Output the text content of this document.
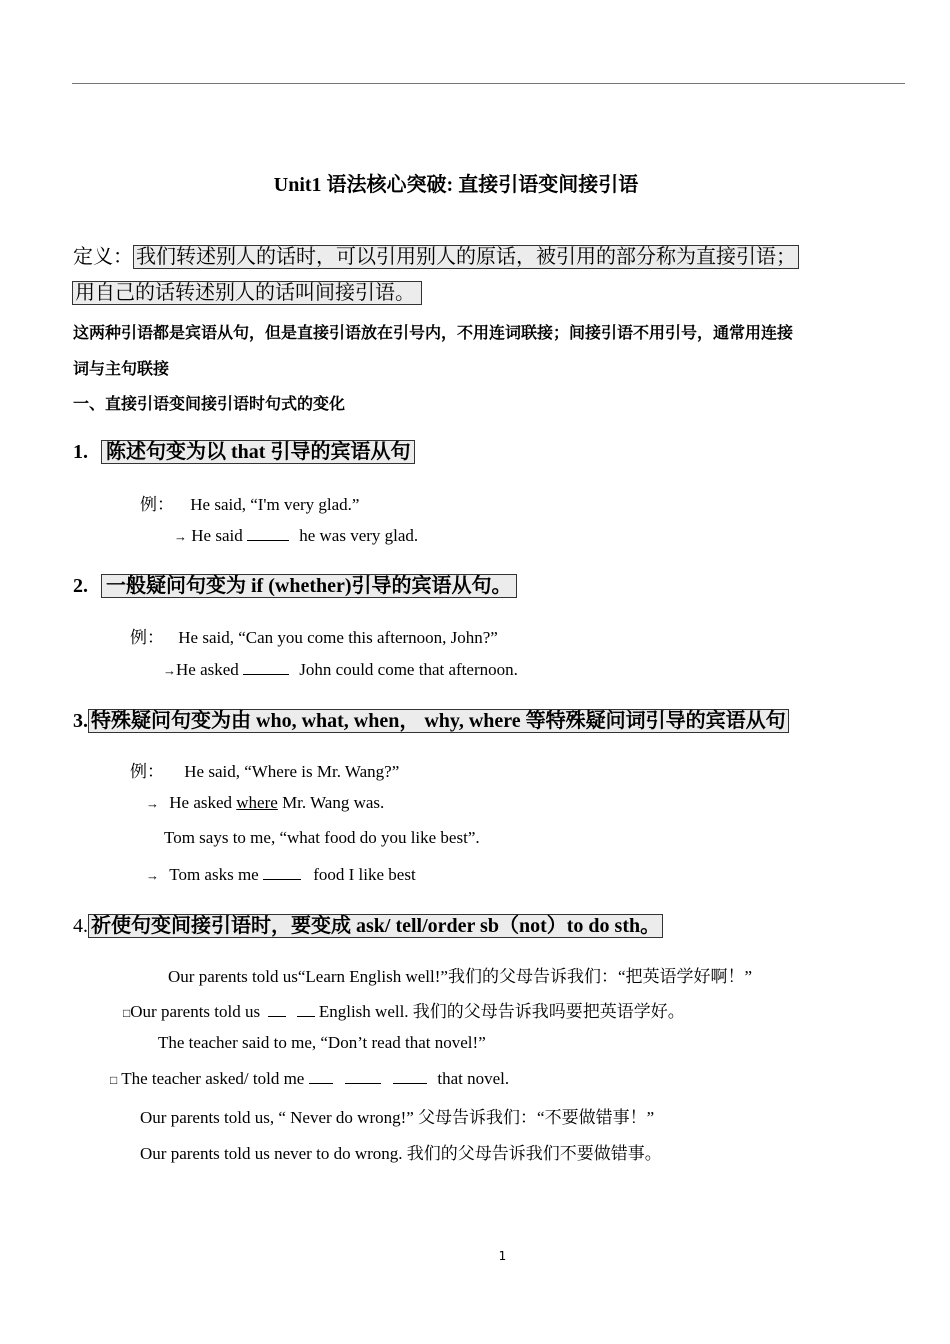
Unit1 语法核心突破: 直接引语变间接引语
定义： 我们转述别人的话时，可以引用别人的原话，被引用的部分称为直接引语；
用自己的话转述别人的话叫间接引语。
这两种引语都是宾语从句，但是直接引语放在引号内，不用连词联接；间接引语不用引号，通常用连接
词与主句联接
一、直接引语变间接引语时句式的变化
1. 陈述句变为以 that 引导的宾语从句
例： He said, “I'm very glad.”
→ He said	he was very glad.
2. 一般疑问句变为 if (whether)引导的宾语从句。
例： He said, “Can you come this afternoon, John?”
→He asked	John could come that afternoon.
3. 特殊疑问句变为由 who, what, when， why, where 等特殊疑问词引导的宾语从句
例： He said, “Where is Mr. Wang?”
→ He asked where Mr. Wang was.
Tom says to me, “what food do you like best”.
→ Tom asks me	food I like best
4. 祈使句变间接引语时，要变成 ask/ tell/order sb（not）to do sth。
Our parents told us“Learn English well!”我们的父母告诉我们：“把英语学好啊！”
□Our parents told us	English well. 我们的父母告诉我吗要把英语学好。
The teacher said to me, “Don’t read that novel!”
□ The teacher asked/ told me	that novel.
Our parents told us, “ Never do wrong!” 父母告诉我们：“不要做错事！”
Our parents told us never to do wrong. 我们的父母告诉我们不要做错事。
1
